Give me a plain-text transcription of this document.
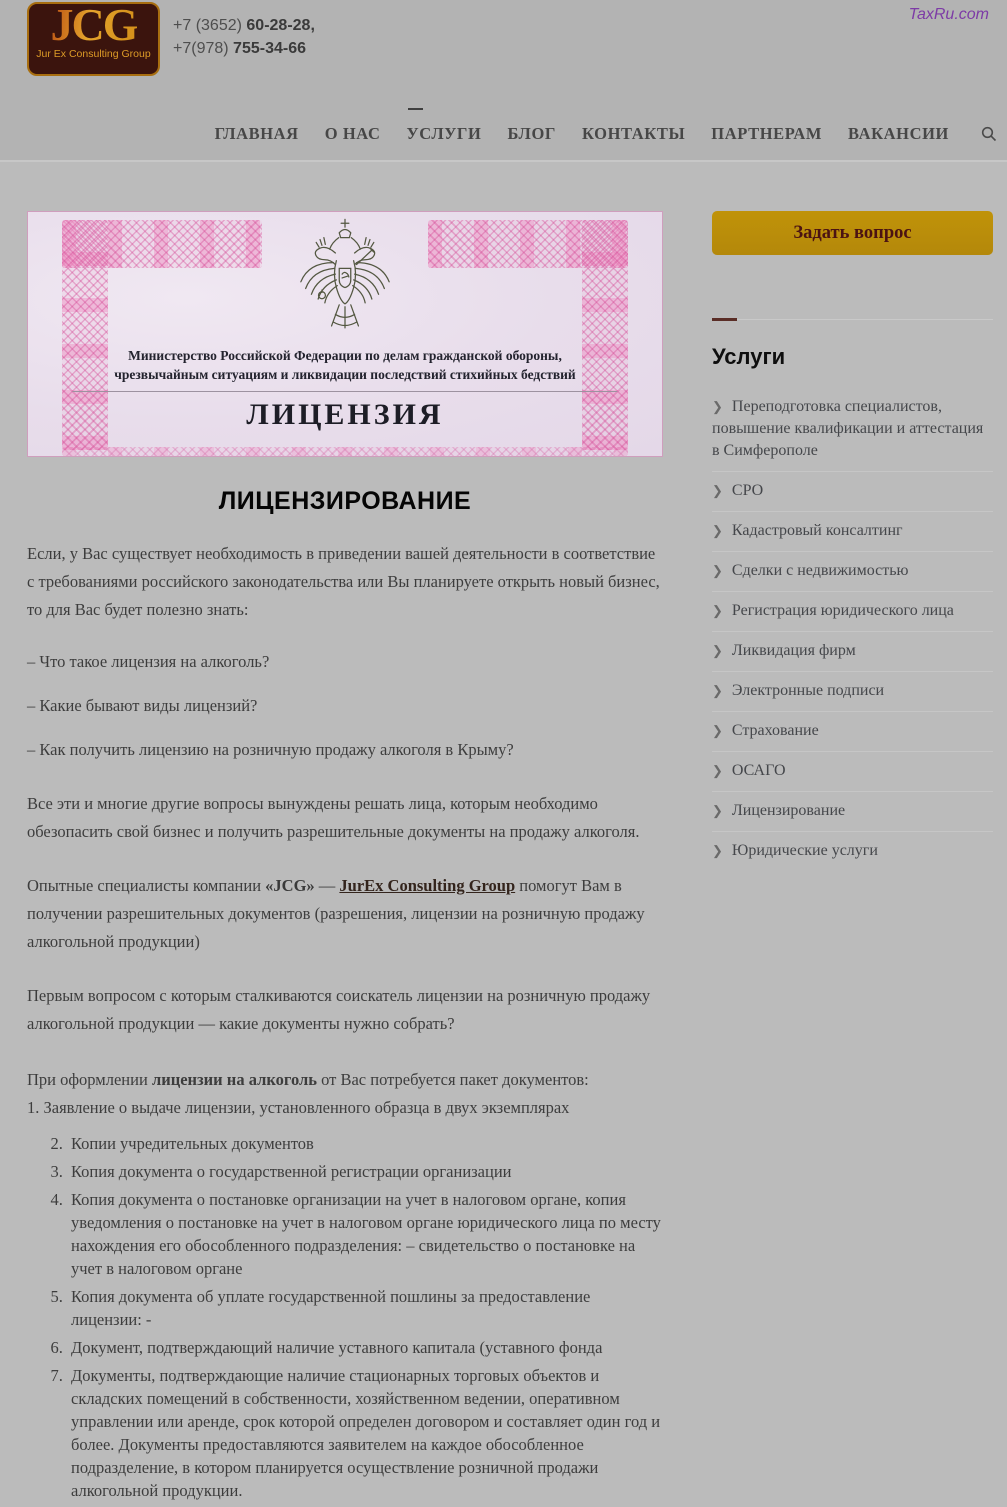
JCG
Jur Ex Consulting Group
+7 (3652) 60-28-28,
+7(978) 755-34-66
TaxRu.com
ГЛАВНАЯ О НАС УСЛУГИ БЛОГ КОНТАКТЫ ПАРТНЕРАМ ВАКАНСИИ
Министерство Российской Федерации по делам гражданской обороны,
чрезвычайным ситуациям и ликвидации последствий стихийных бедствий
ЛИЦЕНЗИЯ
ЛИЦЕНЗИРОВАНИЕ

Если, у Вас существует необходимость в приведении вашей деятельности в соответствие с требованиями российского законодательства или Вы планируете открыть новый бизнес, то для Вас будет полезно знать:

– Что такое лицензия на алкоголь?

– Какие бывают виды лицензий?

– Как получить лицензию на розничную продажу алкоголя в Крыму?

Все эти и многие другие вопросы вынуждены решать лица, которым необходимо обезопасить свой бизнес и получить разрешительные документы на продажу алкоголя.

Опытные специалисты компании «JCG» — JurEx Consulting Group помогут Вам в получении разрешительных документов (разрешения, лицензии на розничную продажу алкогольной продукции)

Первым вопросом с которым сталкиваются соискатель лицензии на розничную продажу алкогольной продукции — какие документы нужно собрать?

При оформлении лицензии на алкоголь от Вас потребуется пакет документов:
1. Заявление о выдаче лицензии, установленного образца в двух экземплярах

2. Копии учредительных документов
3. Копия документа о государственной регистрации организации
4. Копия документа о постановке организации на учет в налоговом органе, копия уведомления о постановке на учет в налоговом органе юридического лица по месту нахождения его обособленного подразделения: – свидетельство о постановке на учет в налоговом органе
5. Копия документа об уплате государственной пошлины за предоставление лицензии: -
6. Документ, подтверждающий наличие уставного капитала (уставного фонда
7. Документы, подтверждающие наличие стационарных торговых объектов и складских помещений в собственности, хозяйственном ведении, оперативном управлении или аренде, срок которой определен договором и составляет один год и более. Документы предоставляются заявителем на каждое обособленное подразделение, в котором планируется осуществление розничной продажи алкогольной продукции.
Задать вопрос
Услуги
❯ Переподготовка специалистов, повышение квалификации и аттестация в Симферополе
❯ СРО
❯ Кадастровый консалтинг
❯ Сделки с недвижимостью
❯ Регистрация юридического лица
❯ Ликвидация фирм
❯ Электронные подписи
❯ Страхование
❯ ОСАГО
❯ Лицензирование
❯ Юридические услуги
